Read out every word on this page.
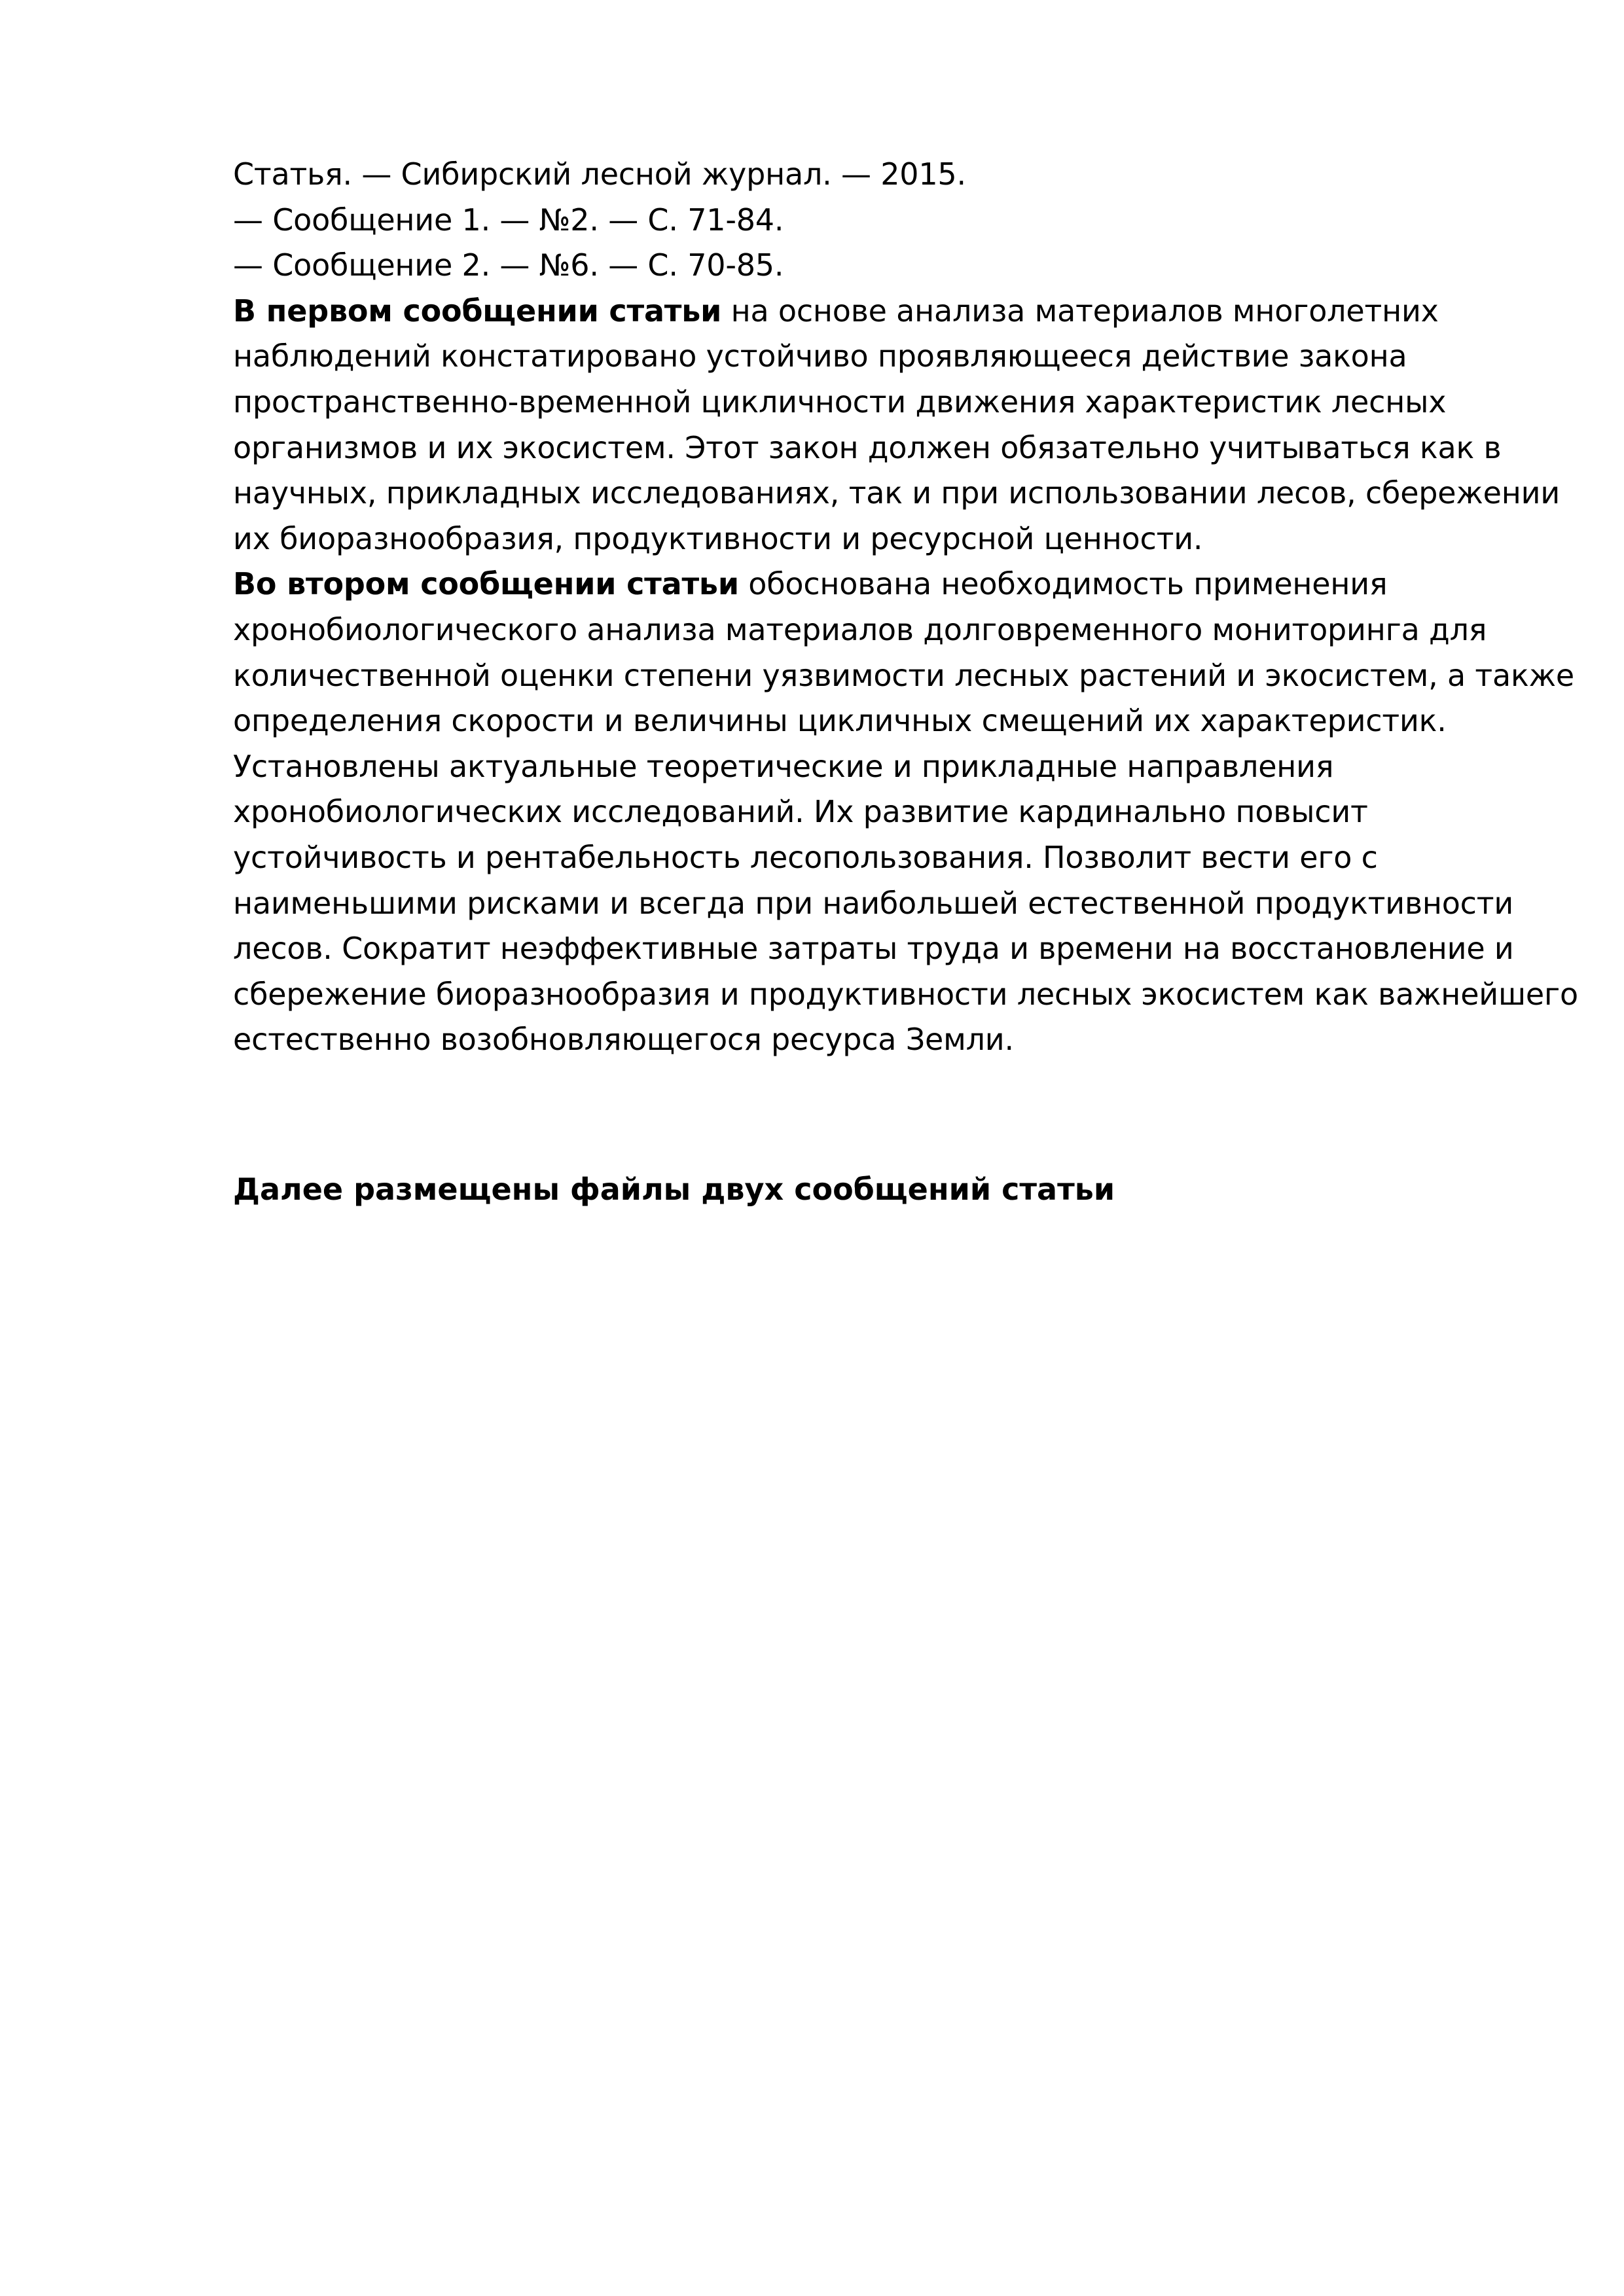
Статья. — Сибирский лесной журнал. — 2015.
— Сообщение 1. — №2. — С. 71-84.
— Сообщение 2. — №6. — С. 70-85.
В первом сообщении статьи на основе анализа материалов многолетних
наблюдений констатировано устойчиво проявляющееся действие закона
пространственно-временной цикличности движения характеристик лесных
организмов и их экосистем. Этот закон должен обязательно учитываться как в
научных, прикладных исследованиях, так и при использовании лесов, сбережении
их биоразнообразия, продуктивности и ресурсной ценности.
Во втором сообщении статьи обоснована необходимость применения
хронобиологического анализа материалов долговременного мониторинга для
количественной оценки степени уязвимости лесных растений и экосистем, а также
определения скорости и величины цикличных смещений их характеристик.
Установлены актуальные теоретические и прикладные направления
хронобиологических исследований. Их развитие кардинально повысит
устойчивость и рентабельность лесопользования. Позволит вести его с
наименьшими рисками и всегда при наибольшей естественной продуктивности
лесов. Сократит неэффективные затраты труда и времени на восстановление и
сбережение биоразнообразия и продуктивности лесных экосистем как важнейшего
естественно возобновляющегося ресурса Земли.
Далее размещены файлы двух сообщений статьи
